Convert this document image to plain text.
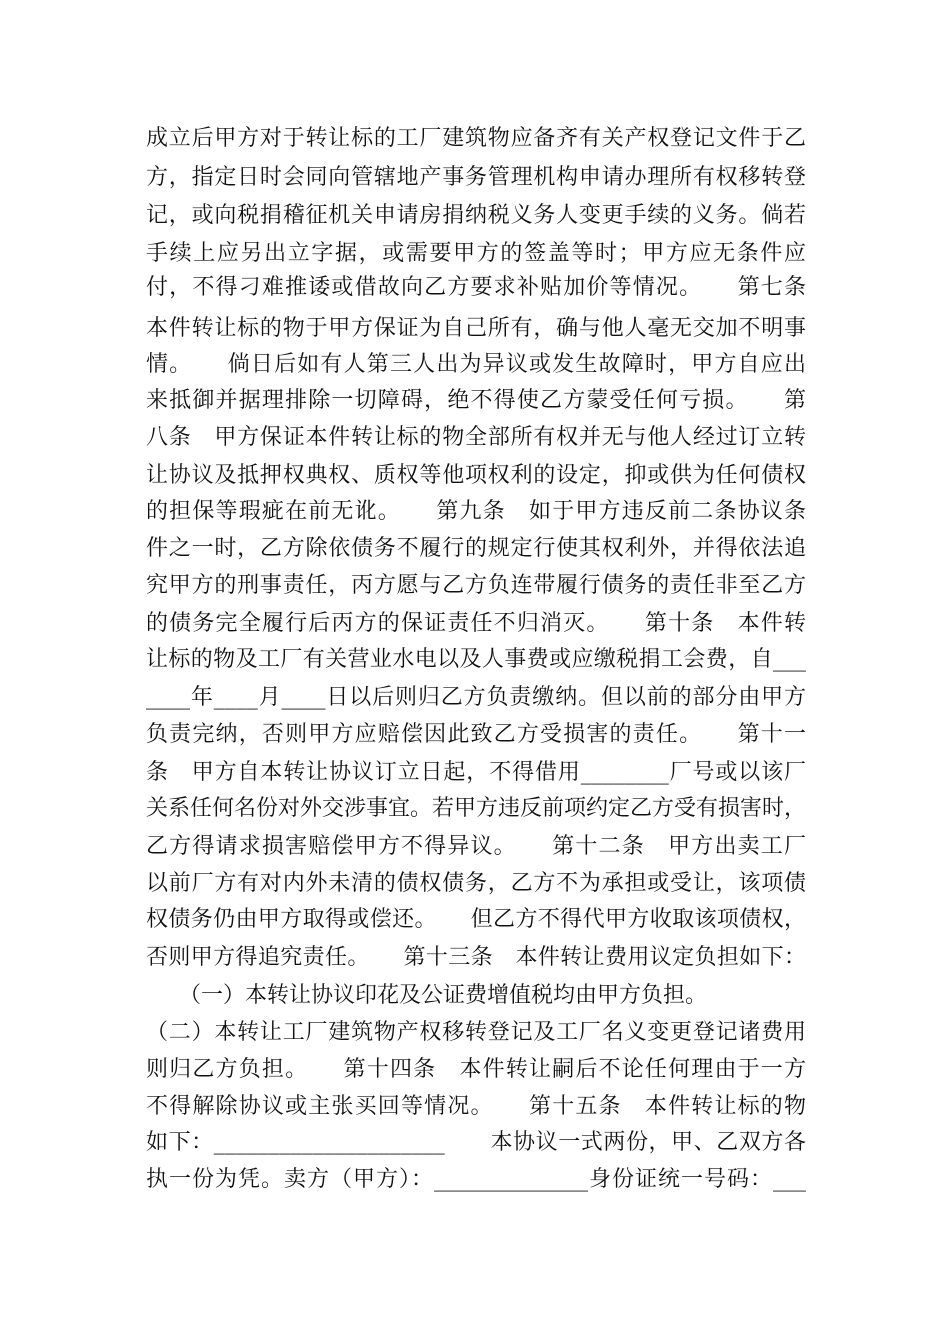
成立后甲方对于转让标的工厂建筑物应备齐有关产权登记文件于乙
方，指定日时会同向管辖地产事务管理机构申请办理所有权移转登
记，或向税捐稽征机关申请房捐纳税义务人变更手续的义务。倘若
手续上应另出立字据，或需要甲方的签盖等时；甲方应无条件应
付，不得刁难推诿或借故向乙方要求补贴加价等情况。　　第七条
本件转让标的物于甲方保证为自己所有，确与他人毫无交加不明事
情。　　倘日后如有人第三人出为异议或发生故障时，甲方自应出
来抵御并据理排除一切障碍，绝不得使乙方蒙受任何亏损。　　第
八条　甲方保证本件转让标的物全部所有权并无与他人经过订立转
让协议及抵押权典权、质权等他项权利的设定，抑或供为任何债权
的担保等瑕疵在前无讹。　　第九条　如于甲方违反前二条协议条
件之一时，乙方除依债务不履行的规定行使其权利外，并得依法追
究甲方的刑事责任，丙方愿与乙方负连带履行债务的责任非至乙方
的债务完全履行后丙方的保证责任不归消灭。　　第十条　本件转
让标的物及工厂有关营业水电以及人事费或应缴税捐工会费，自___
____年____月____日以后则归乙方负责缴纳。但以前的部分由甲方
负责完纳，否则甲方应赔偿因此致乙方受损害的责任。　　第十一
条　甲方自本转让协议订立日起，不得借用________厂号或以该厂
关系任何名份对外交涉事宜。若甲方违反前项约定乙方受有损害时，
乙方得请求损害赔偿甲方不得异议。　　第十二条　甲方出卖工厂
以前厂方有对内外未清的债权债务，乙方不为承担或受让，该项债
权债务仍由甲方取得或偿还。　　但乙方不得代甲方收取该项债权，
否则甲方得追究责任。　　第十三条　本件转让费用议定负担如下：
　　（一）本转让协议印花及公证费增值税均由甲方负担。
（二）本转让工厂建筑物产权移转登记及工厂名义变更登记诸费用
则归乙方负担。　　第十四条　本件转让嗣后不论任何理由于一方
不得解除协议或主张买回等情况。　　第十五条　本件转让标的物
如下：_____________________　　本协议一式两份，甲、乙双方各
执一份为凭。卖方（甲方）：______________身份证统一号码：___
